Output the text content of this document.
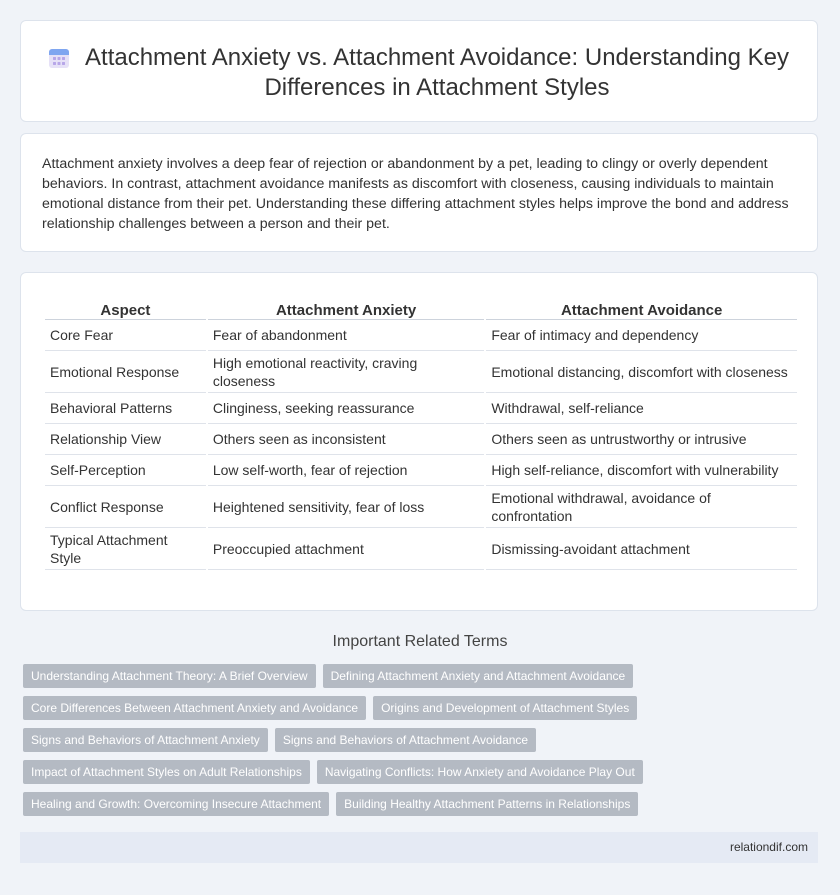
Attachment Anxiety vs. Attachment Avoidance: Understanding Key Differences in Attachment Styles

Attachment anxiety involves a deep fear of rejection or abandonment by a pet, leading to clingy or overly dependent behaviors. In contrast, attachment avoidance manifests as discomfort with closeness, causing individuals to maintain emotional distance from their pet. Understanding these differing attachment styles helps improve the bond and address relationship challenges between a person and their pet.

Aspect	Attachment Anxiety	Attachment Avoidance
Core Fear	Fear of abandonment	Fear of intimacy and dependency
Emotional Response	High emotional reactivity, craving closeness	Emotional distancing, discomfort with closeness
Behavioral Patterns	Clinginess, seeking reassurance	Withdrawal, self-reliance
Relationship View	Others seen as inconsistent	Others seen as untrustworthy or intrusive
Self-Perception	Low self-worth, fear of rejection	High self-reliance, discomfort with vulnerability
Conflict Response	Heightened sensitivity, fear of loss	Emotional withdrawal, avoidance of confrontation
Typical Attachment Style	Preoccupied attachment	Dismissing-avoidant attachment
Important Related Terms
Understanding Attachment Theory: A Brief Overview	Defining Attachment Anxiety and Attachment Avoidance
Core Differences Between Attachment Anxiety and Avoidance	Origins and Development of Attachment Styles
Signs and Behaviors of Attachment Anxiety	Signs and Behaviors of Attachment Avoidance
Impact of Attachment Styles on Adult Relationships	Navigating Conflicts: How Anxiety and Avoidance Play Out
Healing and Growth: Overcoming Insecure Attachment	Building Healthy Attachment Patterns in Relationships
relationdif.com
